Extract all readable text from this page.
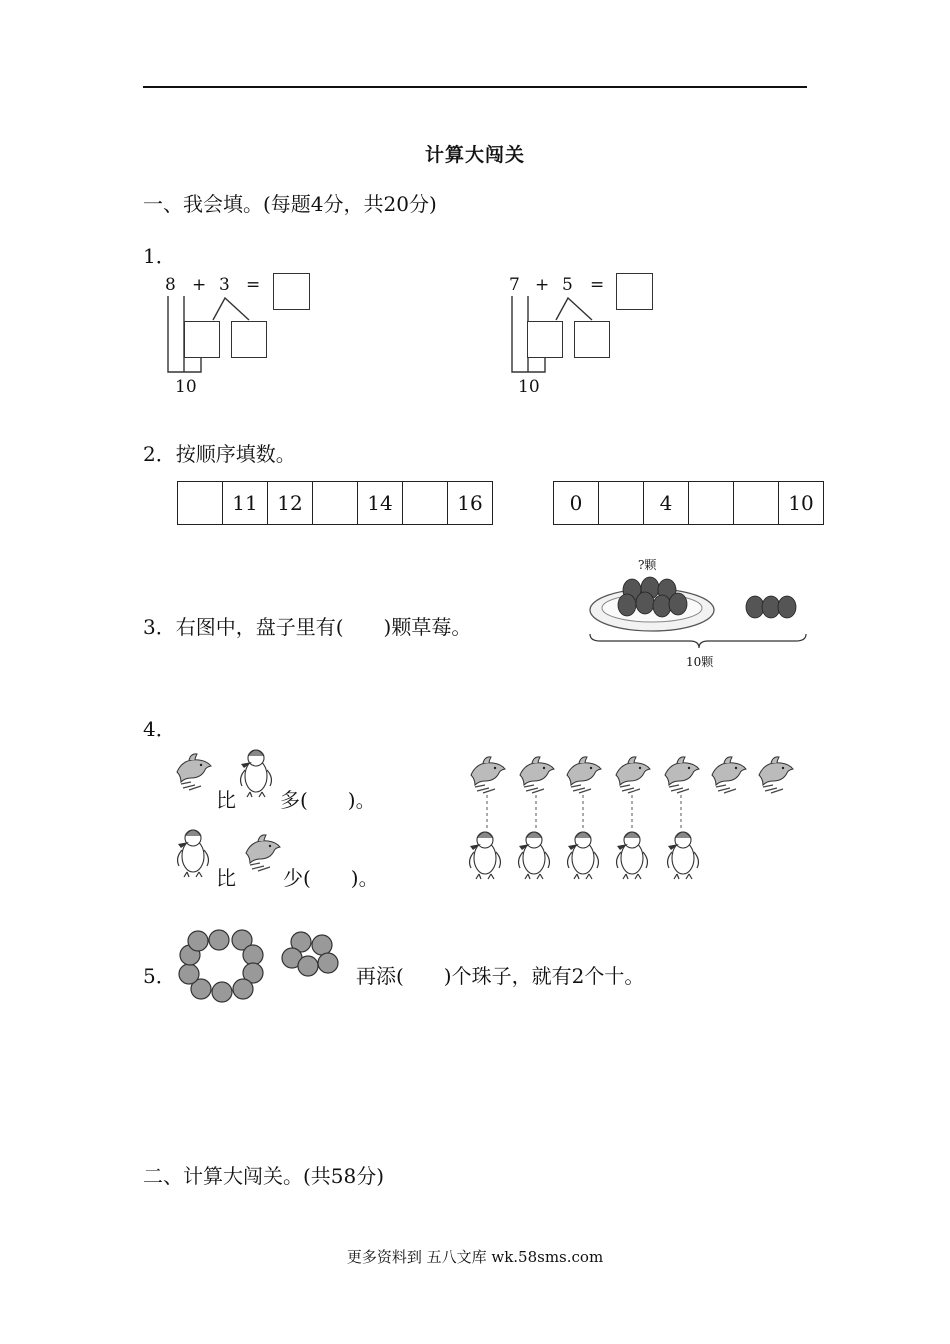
计算大闯关
一、我会填。(每题4分，共20分)
1．
8 + 3 =
10
7 + 5 =
10
2．按顺序填数。
	11	12		14		16	0		4			10
3．右图中，盘子里有(　　)颗草莓。
?颗
10颗
4．
比 多(　　)。
比 少(　　)。
5．	再添(　　)个珠子，就有2个十。
二、计算大闯关。(共58分)
更多资料到 五八文库 wk.58sms.com
